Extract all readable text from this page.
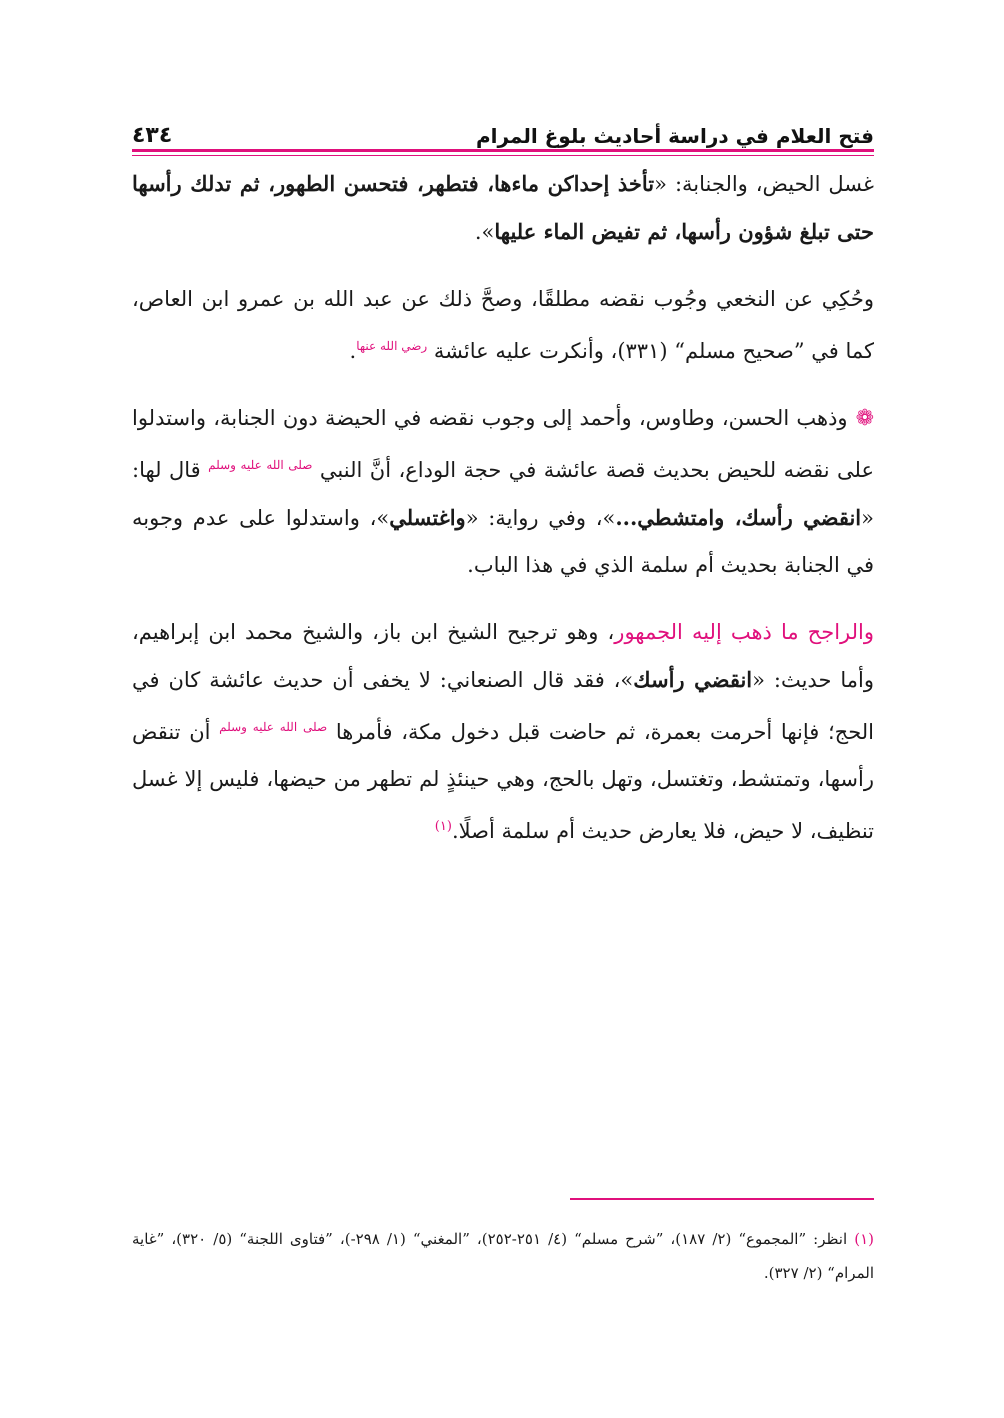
فتح العلام في دراسة أحاديث بلوغ المرام
٤٣٤

غسل الحيض، والجنابة: «تأخذ إحداكن ماءها، فتطهر، فتحسن الطهور، ثم تدلك رأسها حتى تبلغ شؤون رأسها، ثم تفيض الماء عليها».

وحُكِي عن النخعي وجُوب نقضه مطلقًا، وصحَّ ذلك عن عبد الله بن عمرو ابن العاص، كما في ”صحيح مسلم“ (٣٣١)، وأنكرت عليه عائشة $^{رضي الله عنها}$.

❁وذهب الحسن، وطاوس، وأحمد إلى وجوب نقضه في الحيضة دون الجنابة، واستدلوا على نقضه للحيض بحديث قصة عائشة في حجة الوداع، أنَّ النبي $^{صلى الله عليه وسلم}$ قال لها: «انقضي رأسك، وامتشطي...»، وفي رواية: «واغتسلي»، واستدلوا على عدم وجوبه في الجنابة بحديث أم سلمة الذي في هذا الباب.

والراجح ما ذهب إليه الجمهور، وهو ترجيح الشيخ ابن باز، والشيخ محمد ابن إبراهيم، وأما حديث: «انقضي رأسك»، فقد قال الصنعاني: لا يخفى أن حديث عائشة كان في الحج؛ فإنها أحرمت بعمرة، ثم حاضت قبل دخول مكة، فأمرها $^{صلى الله عليه وسلم}$ أن تنقض رأسها، وتمتشط، وتغتسل، وتهل بالحج، وهي حينئذٍ لم تطهر من حيضها، فليس إلا غسل تنظيف، لا حيض، فلا يعارض حديث أم سلمة أصلًا.$^{(١)}$

(١) انظر: ”المجموع“ (٢/ ١٨٧)، ”شرح مسلم“ (٤/ ٢٥١-٢٥٢)، ”المغني“ (١/ ٢٩٨-)، ”فتاوى اللجنة“ (٥/ ٣٢٠)، ”غاية المرام“ (٢/ ٣٢٧).
